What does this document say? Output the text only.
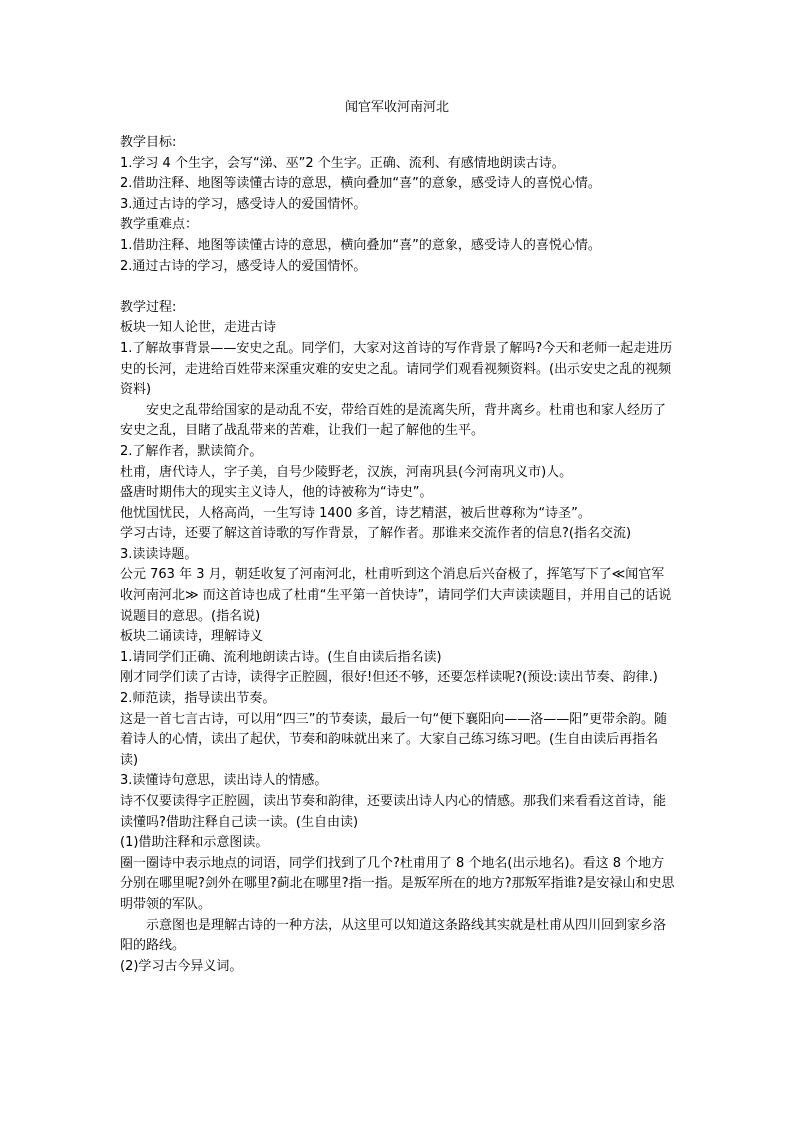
闻官军收河南河北

教学目标:

1.学习 4 个生字，会写“涕、巫”2 个生字。正确、流利、有感情地朗读古诗。

2.借助注释、地图等读懂古诗的意思，横向叠加“喜”的意象，感受诗人的喜悦心情。

3.通过古诗的学习，感受诗人的爱国情怀。

教学重难点：

1.借助注释、地图等读懂古诗的意思，横向叠加“喜”的意象，感受诗人的喜悦心情。

2.通过古诗的学习，感受诗人的爱国情怀。

教学过程:

板块一知人论世，走进古诗

1.了解故事背景——安史之乱。同学们，大家对这首诗的写作背景了解吗?今天和老师一起走进历史的长河，走进给百姓带来深重灾难的安史之乱。请同学们观看视频资料。(出示安史之乱的视频资料)

安史之乱带给国家的是动乱不安，带给百姓的是流离失所，背井离乡。杜甫也和家人经历了安史之乱，目睹了战乱带来的苦难，让我们一起了解他的生平。

2.了解作者，默读简介。

杜甫，唐代诗人，字子美，自号少陵野老，汉族，河南巩县(今河南巩义市)人。

盛唐时期伟大的现实主义诗人，他的诗被称为“诗史”。

他忧国忧民，人格高尚，一生写诗 1400 多首，诗艺精湛，被后世尊称为“诗圣”。

学习古诗，还要了解这首诗歌的写作背景，了解作者。那谁来交流作者的信息?(指名交流)

3.读读诗题。

公元 763 年 3 月，朝廷收复了河南河北，杜甫听到这个消息后兴奋极了，挥笔写下了≪闻官军收河南河北≫ 而这首诗也成了杜甫“生平第一首快诗”，请同学们大声读读题目，并用自己的话说说题目的意思。(指名说)

板块二诵读诗，理解诗义

1.请同学们正确、流利地朗读古诗。(生自由读后指名读)

刚才同学们读了古诗，读得字正腔圆，很好!但还不够，还要怎样读呢?(预设:读出节奏、韵律.)

2.师范读，指导读出节奏。

这是一首七言古诗，可以用“四三”的节奏读，最后一句“便下襄阳向——洛——阳”更带余韵。随着诗人的心情，读出了起伏，节奏和韵味就出来了。大家自己练习练习吧。(生自由读后再指名读)

3.读懂诗句意思，读出诗人的情感。

诗不仅要读得字正腔圆，读出节奏和韵律，还要读出诗人内心的情感。那我们来看看这首诗，能读懂吗?借助注释自己读一读。(生自由读)

(1)借助注释和示意图读。

圈一圈诗中表示地点的词语，同学们找到了几个?杜甫用了 8 个地名(出示地名)。看这 8 个地方分别在哪里呢?剑外在哪里?蓟北在哪里?指一指。是叛军所在的地方?那叛军指谁?是安禄山和史思明带领的军队。

示意图也是理解古诗的一种方法，从这里可以知道这条路线其实就是杜甫从四川回到家乡洛阳的路线。

(2)学习古今异义词。
